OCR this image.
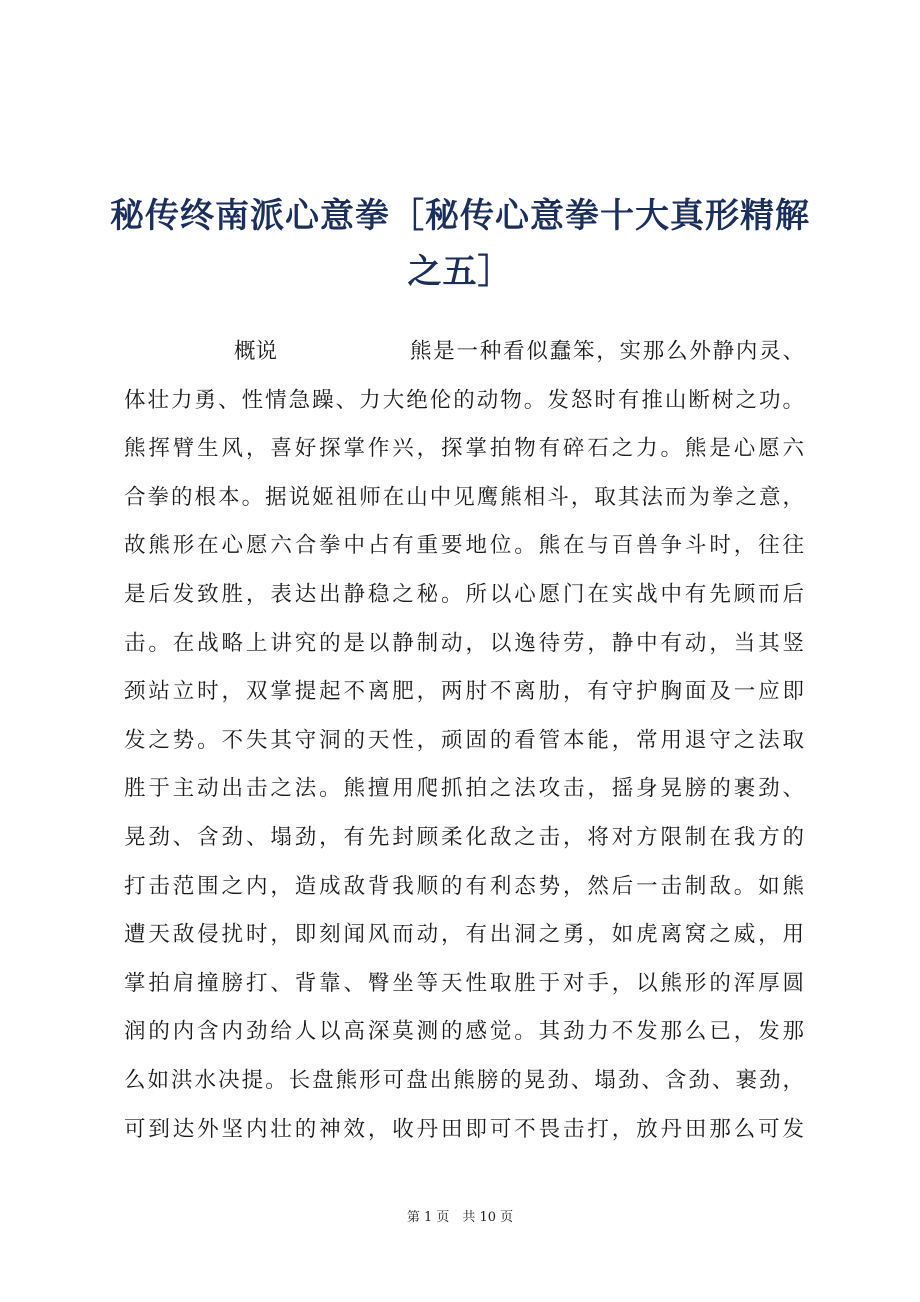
秘传终南派心意拳［秘传心意拳十大真形精解
之五］
概说	熊是一种看似蠢笨，实那么外静内灵、
体壮力勇、性情急躁、力大绝伦的动物。发怒时有推山断树之功。
熊挥臂生风，喜好探掌作兴，探掌拍物有碎石之力。熊是心愿六
合拳的根本。据说姬祖师在山中见鹰熊相斗，取其法而为拳之意，
故熊形在心愿六合拳中占有重要地位。熊在与百兽争斗时，往往
是后发致胜，表达出静稳之秘。所以心愿门在实战中有先顾而后
击。在战略上讲究的是以静制动，以逸待劳，静中有动，当其竖
颈站立时，双掌提起不离肥，两肘不离肋，有守护胸面及一应即
发之势。不失其守洞的天性，顽固的看管本能，常用退守之法取
胜于主动出击之法。熊擅用爬抓拍之法攻击，摇身晃膀的裹劲、
晃劲、含劲、塌劲，有先封顾柔化敌之击，将对方限制在我方的
打击范围之内，造成敌背我顺的有利态势，然后一击制敌。如熊
遭天敌侵扰时，即刻闻风而动，有出洞之勇，如虎离窝之威，用
掌拍肩撞膀打、背靠、臀坐等天性取胜于对手，以熊形的浑厚圆
润的内含内劲给人以高深莫测的感觉。其劲力不发那么已，发那
么如洪水决提。长盘熊形可盘出熊膀的晃劲、塌劲、含劲、裹劲，
可到达外坚内壮的神效，收丹田即可不畏击打，放丹田那么可发
第 1 页　共 10 页
